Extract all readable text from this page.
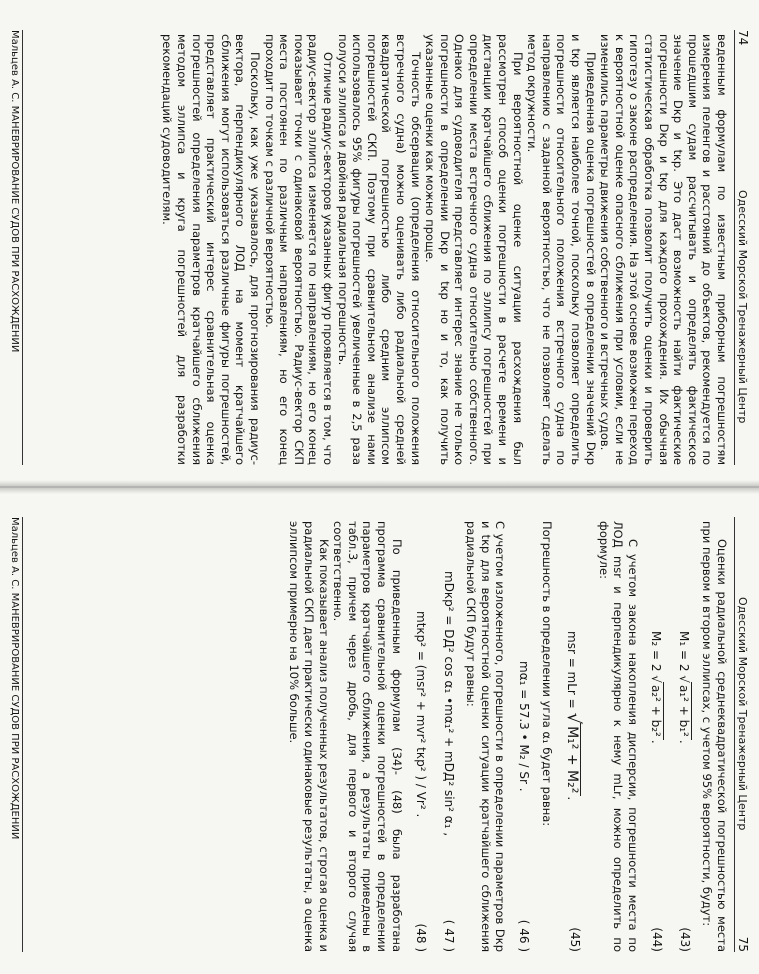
74
Одесский Морской Тренажерный Центр

веденным формулам по известным приборным погрешностям измерения пеленгов и расстояний до объектов, рекомендуется по прошедшим судам рассчитывать и определять фактическое значение Dкр и tкр. Это даст возможность найти фактические погрешности Dкр и tкр для каждого прохождения. Их обычная статистическая обработка позволит получить оценки и проверить гипотезу о законе распределения. На этой основе возможен переход к вероятностной оценке опасного сближения при условии, если не изменились параметры движения собственного и встречных судов.

Приведенная оценка погрешностей в определении значений Dкр и tкр является наиболее точной, поскольку позволяет определить погрешности относительного положения встречного судна по направлению с заданной вероятностью, что не позволяет сделать метод окружности.

При вероятностной оценке ситуации расхождения был рассмотрен способ оценки погрешности в расчете времени и дистанции кратчайшего сближения по эллипсу погрешностей при определении места встречного судна относительно собственного. Однако для судоводителя представляет интерес знание не только погрешности в определении Dкр и tкр но и то, как получить указанные оценки как можно проще.

Точность обсервации (определения относительного положения встречного судна) можно оценивать либо радиальной средней квадратической погрешностью либо средним эллипсом погрешностей СКП. Поэтому при сравнительном анализе нами использовалось 95% фигуры погрешностей увеличенные в 2,5 раза полуоси эллипса и двойная радиальная погрешность.

Отличие радиус-векторов указанных фигур проявляется в том, что радиус-вектор эллипса изменяется по направлениям, но его конец показывает точки с одинаковой вероятностью. Радиус-вектор СКП места постоянен по различным направлениям, но его конец проходит по точкам с различной вероятностью.

Поскольку, как уже указывалось, для прогнозирования радиус-вектора, перпендикулярного ЛОД на момент кратчайшего сближения могут использоваться различные фигуры погрешностей, представляет практический интерес сравнительная оценка погрешностей определения параметров кратчайшего сближения методом эллипса и круга погрешностей для разработки рекомендаций судоводителям.

Мальцев А. С. МАНЕВРИРОВАНИЕ СУДОВ ПРИ РАСХОЖДЕНИИ
Одесский Морской Тренажерный Центр
75

Оценки радиальной среднеквадратической погрешностью места при первом и втором эллипсах, с учетом 95% вероятности, будут:

M₁ = 2 √a₁² + b₁².
(43)
M₂ = 2 √a₂² + b₂².
(44)

С учетом закона накопления дисперсии, погрешности места по ЛОД msr и перпендикулярно к нему mLr, можно определить по формуле:

msr = mLr = √M₁² + M₂².
(45)

Погрешность в определении угла α₁ будет равна:

mα₁ = 57.3 • M₂ / Sr .
( 46 )

С учетом изложенного, погрешности в определении параметров Dкр и tкр для вероятностной оценки ситуации кратчайшего сближения радиальной СКП будут равны:

mDкр² = DД² cos α₁ •mα₁² + mDД² sin² α₁ ,
( 47 )
mtкр² = (msr² + mvr² tкр² ) / Vr² .
(48 )

По приведенным формулам (34)- (48) была разработана программа сравнительной оценки погрешностей в определении параметров кратчайшего сближения, а результаты приведены в табл.3, причем через дробь, для первого и второго случая соответственно.

Как показывает анализ полученных результатов, строгая оценка и радиальной СКП дает практически одинаковые результаты, а оценка эллипсом примерно на 10% больше.

Мальцев А. С. МАНЕВРИРОВАНИЕ СУДОВ ПРИ РАСХОЖДЕНИИ
